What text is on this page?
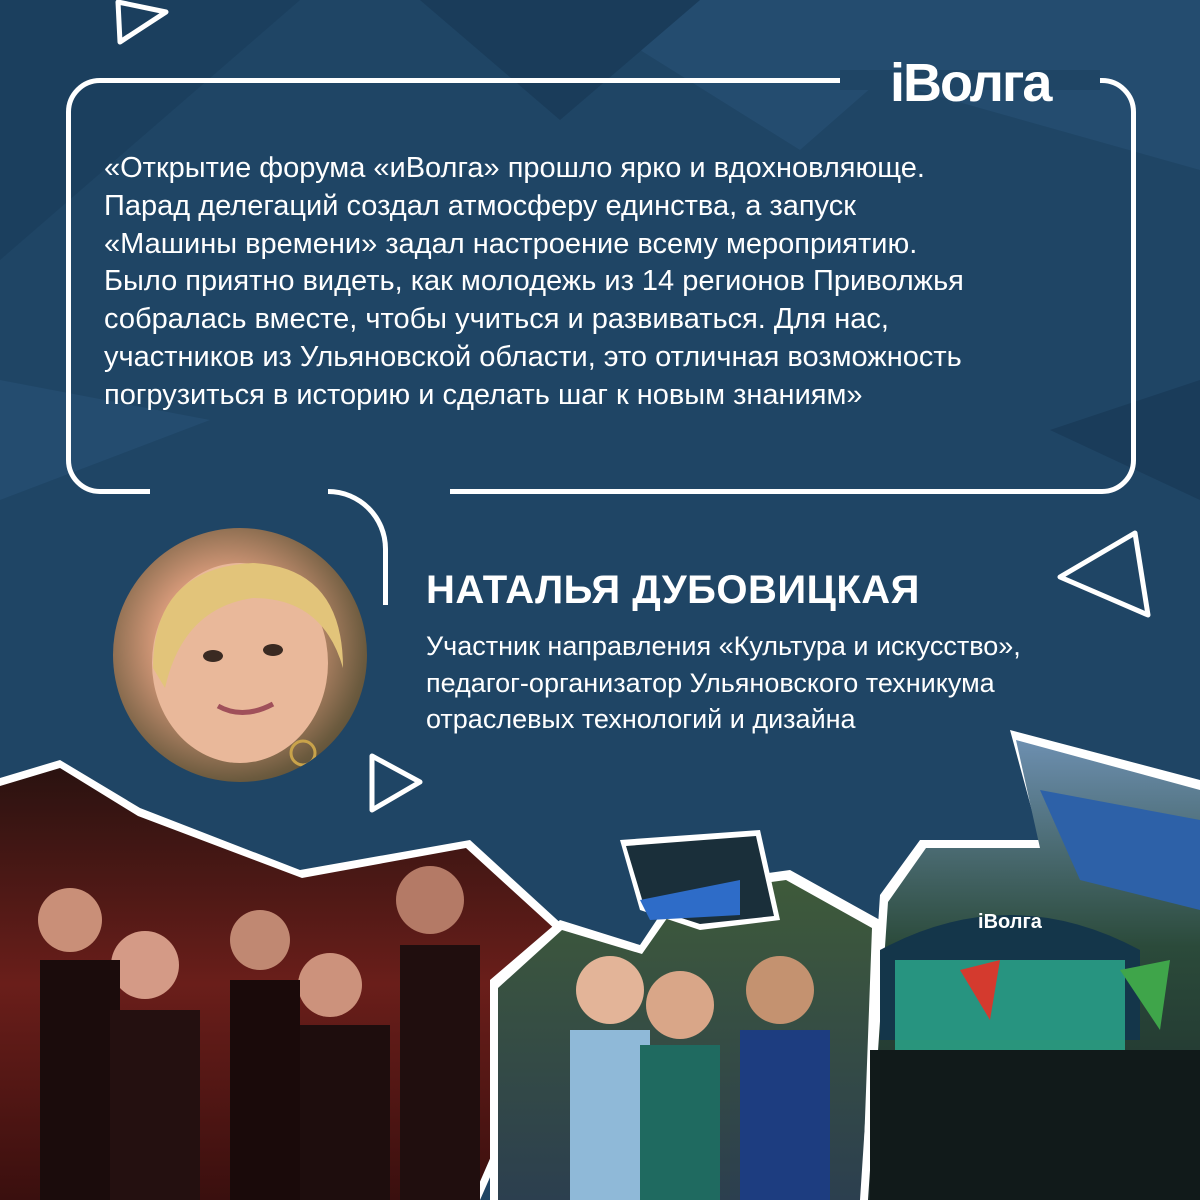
iВолга
«Открытие форума «иВолга» прошло ярко и вдохновляюще.
Парад делегаций создал атмосферу единства, а запуск
«Машины времени» задал настроение всему мероприятию.
Было приятно видеть, как молодежь из 14 регионов Приволжья
собралась вместе, чтобы учиться и развиваться. Для нас,
участников из Ульяновской области, это отличная возможность
погрузиться в историю и сделать шаг к новым знаниям»
НАТАЛЬЯ ДУБОВИЦКАЯ
Участник направления «Культура и искусство»,
педагог-организатор Ульяновского техникума
отраслевых технологий и дизайна
iВолга
